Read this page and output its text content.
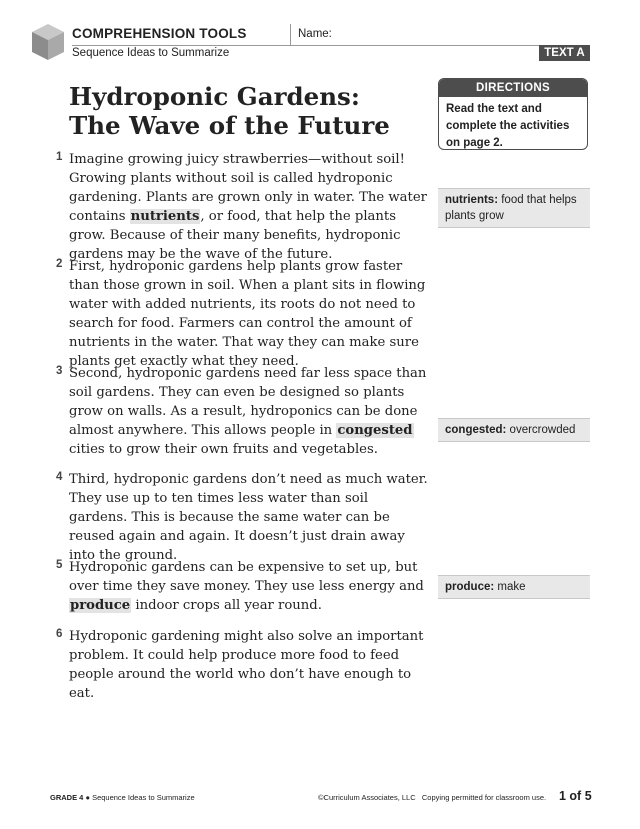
COMPREHENSION TOOLS
Sequence Ideas to Summarize
Name:
TEXT A
Hydroponic Gardens:
The Wave of the Future
DIRECTIONS
Read the text and complete the activities on page 2.
nutrients: food that helps plants grow
congested: overcrowded
produce: make
1 Imagine growing juicy strawberries—without soil! Growing plants without soil is called hydroponic gardening. Plants are grown only in water. The water contains nutrients, or food, that help the plants grow. Because of their many benefits, hydroponic gardens may be the wave of the future.
2 First, hydroponic gardens help plants grow faster than those grown in soil. When a plant sits in flowing water with added nutrients, its roots do not need to search for food. Farmers can control the amount of nutrients in the water. That way they can make sure plants get exactly what they need.
3 Second, hydroponic gardens need far less space than soil gardens. They can even be designed so plants grow on walls. As a result, hydroponics can be done almost anywhere. This allows people in congested cities to grow their own fruits and vegetables.
4 Third, hydroponic gardens don’t need as much water. They use up to ten times less water than soil gardens. This is because the same water can be reused again and again. It doesn’t just drain away into the ground.
5 Hydroponic gardens can be expensive to set up, but over time they save money. They use less energy and produce indoor crops all year round.
6 Hydroponic gardening might also solve an important problem. It could help produce more food to feed people around the world who don’t have enough to eat.
GRADE 4 ● Sequence Ideas to Summarize	©Curriculum Associates, LLC   Copying permitted for classroom use. 1 of 5
